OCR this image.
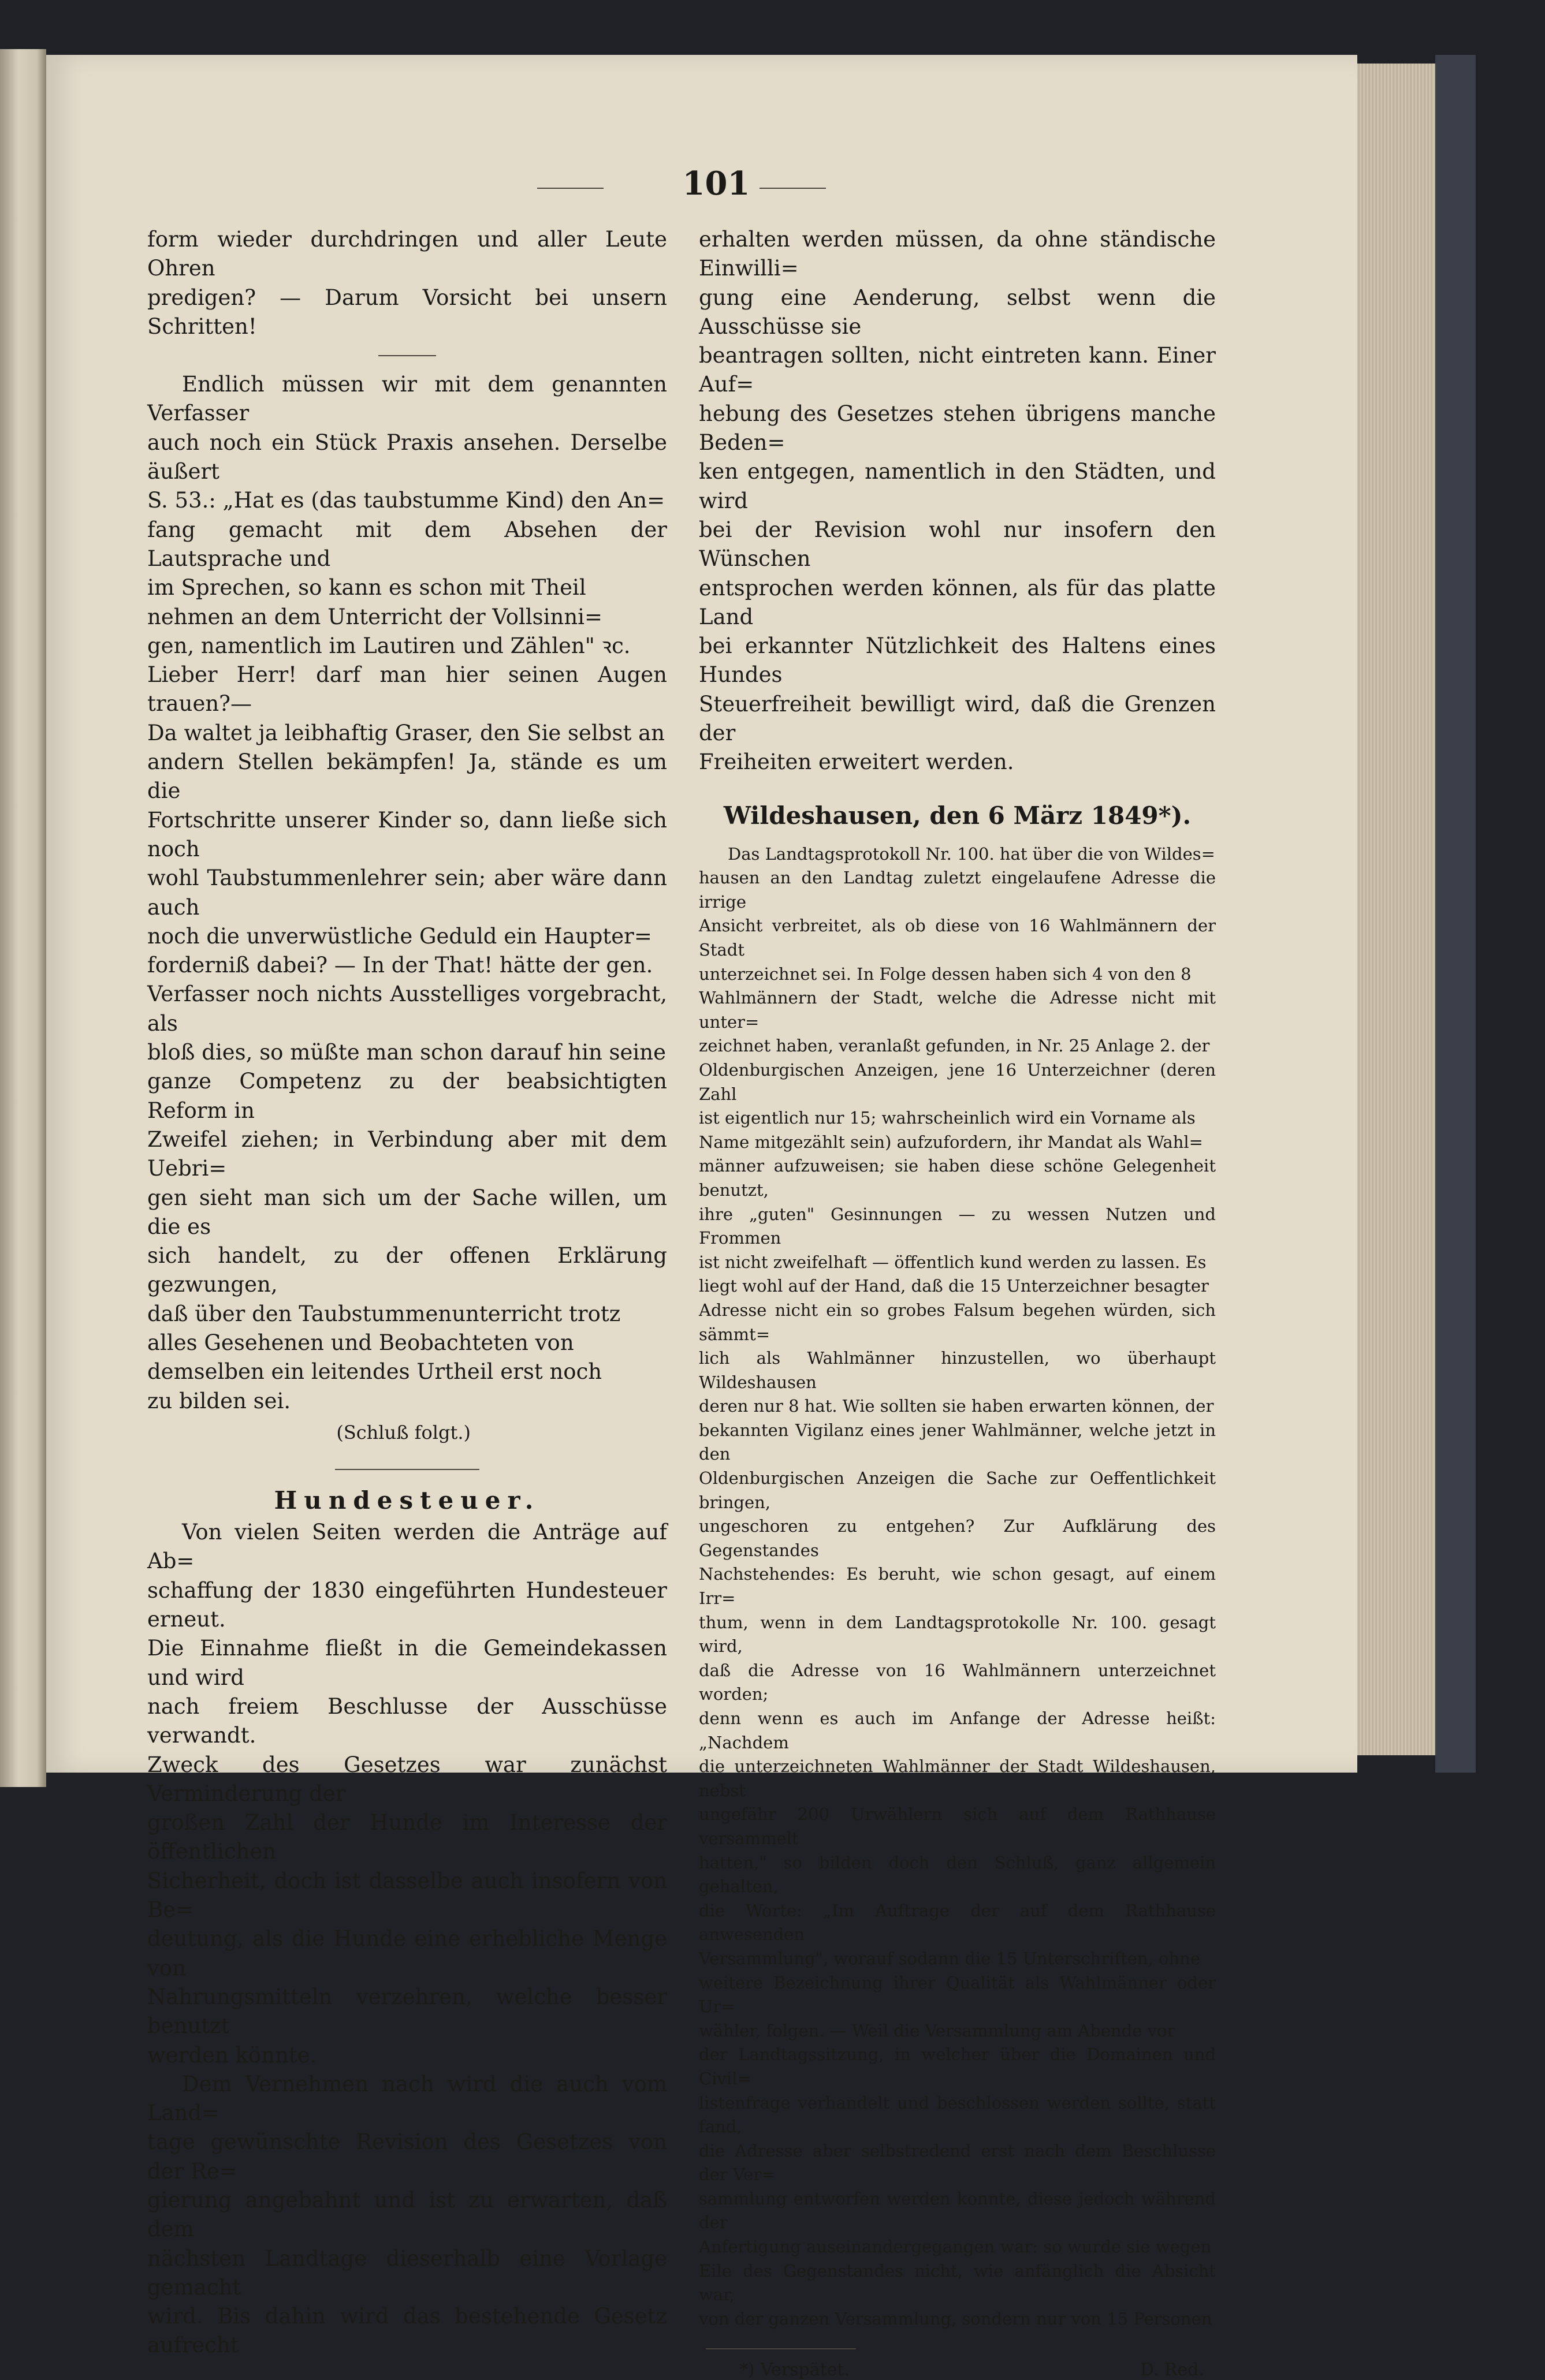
101

form wieder durchdringen und aller Leute Ohren
predigen? — Darum Vorsicht bei unsern Schritten!

Endlich müssen wir mit dem genannten Verfasser
auch noch ein Stück Praxis ansehen. Derselbe äußert
S. 53.: „Hat es (das taubstumme Kind) den An=
fang gemacht mit dem Absehen der Lautsprache und
im Sprechen, so kann es schon mit Theil
nehmen an dem Unterricht der Vollsinni=
gen, namentlich im Lautiren und Zählen" ꝛc.
Lieber Herr! darf man hier seinen Augen trauen?—
Da waltet ja leibhaftig Graser, den Sie selbst an
andern Stellen bekämpfen! Ja, stände es um die
Fortschritte unserer Kinder so, dann ließe sich noch
wohl Taubstummenlehrer sein; aber wäre dann auch
noch die unverwüstliche Geduld ein Haupter=
forderniß dabei? — In der That! hätte der gen.
Verfasser noch nichts Ausstelliges vorgebracht, als
bloß dies, so müßte man schon darauf hin seine
ganze Competenz zu der beabsichtigten Reform in
Zweifel ziehen; in Verbindung aber mit dem Uebri=
gen sieht man sich um der Sache willen, um die es
sich handelt, zu der offenen Erklärung gezwungen,
daß über den Taubstummenunterricht trotz
alles Gesehenen und Beobachteten von
demselben ein leitendes Urtheil erst noch
zu bilden sei.

(Schluß folgt.)

Hundesteuer.

Von vielen Seiten werden die Anträge auf Ab=
schaffung der 1830 eingeführten Hundesteuer erneut.
Die Einnahme fließt in die Gemeindekassen und wird
nach freiem Beschlusse der Ausschüsse verwandt.
Zweck des Gesetzes war zunächst Verminderung der
großen Zahl der Hunde im Interesse der öffentlichen
Sicherheit, doch ist dasselbe auch insofern von Be=
deutung, als die Hunde eine erhebliche Menge von
Nahrungsmitteln verzehren, welche besser benutzt
werden könnte.

Dem Vernehmen nach wird die auch vom Land=
tage gewünschte Revision des Gesetzes von der Re=
gierung angebahnt und ist zu erwarten, daß dem
nächsten Landtage dieserhalb eine Vorlage gemacht
wird. Bis dahin wird das bestehende Gesetz aufrecht

erhalten werden müssen, da ohne ständische Einwilli=
gung eine Aenderung, selbst wenn die Ausschüsse sie
beantragen sollten, nicht eintreten kann. Einer Auf=
hebung des Gesetzes stehen übrigens manche Beden=
ken entgegen, namentlich in den Städten, und wird
bei der Revision wohl nur insofern den Wünschen
entsprochen werden können, als für das platte Land
bei erkannter Nützlichkeit des Haltens eines Hundes
Steuerfreiheit bewilligt wird, daß die Grenzen der
Freiheiten erweitert werden.

Wildeshausen, den 6 März 1849*).

Das Landtagsprotokoll Nr. 100. hat über die von Wildes=
hausen an den Landtag zuletzt eingelaufene Adresse die irrige
Ansicht verbreitet, als ob diese von 16 Wahlmännern der Stadt
unterzeichnet sei. In Folge dessen haben sich 4 von den 8
Wahlmännern der Stadt, welche die Adresse nicht mit unter=
zeichnet haben, veranlaßt gefunden, in Nr. 25 Anlage 2. der
Oldenburgischen Anzeigen, jene 16 Unterzeichner (deren Zahl
ist eigentlich nur 15; wahrscheinlich wird ein Vorname als
Name mitgezählt sein) aufzufordern, ihr Mandat als Wahl=
männer aufzuweisen; sie haben diese schöne Gelegenheit benutzt,
ihre „guten" Gesinnungen — zu wessen Nutzen und Frommen
ist nicht zweifelhaft — öffentlich kund werden zu lassen. Es
liegt wohl auf der Hand, daß die 15 Unterzeichner besagter
Adresse nicht ein so grobes Falsum begehen würden, sich sämmt=
lich als Wahlmänner hinzustellen, wo überhaupt Wildeshausen
deren nur 8 hat. Wie sollten sie haben erwarten können, der
bekannten Vigilanz eines jener Wahlmänner, welche jetzt in den
Oldenburgischen Anzeigen die Sache zur Oeffentlichkeit bringen,
ungeschoren zu entgehen? Zur Aufklärung des Gegenstandes
Nachstehendes: Es beruht, wie schon gesagt, auf einem Irr=
thum, wenn in dem Landtagsprotokolle Nr. 100. gesagt wird,
daß die Adresse von 16 Wahlmännern unterzeichnet worden;
denn wenn es auch im Anfange der Adresse heißt: „Nachdem
die unterzeichneten Wahlmänner der Stadt Wildeshausen, nebst
ungefähr 200 Urwählern sich auf dem Rathhause versammelt
hatten," so bilden doch den Schluß, ganz allgemein gehalten,
die Worte: „Im Auftrage der auf dem Rathhause anwesenden
Versammlung", worauf sodann die 15 Unterschriften, ohne
weitere Bezeichnung ihrer Qualität als Wahlmänner oder Ur=
wähler, folgen. — Weil die Versammlung am Abende vor
der Landtagssitzung, in welcher über die Domainen und Civil=
listenfrage verhandelt und beschlossen werden sollte, statt fand,
die Adresse aber selbstredend erst nach dem Beschlusse der Ver=
sammlung entworfen werden konnte, diese jedoch während der
Anfertigung auseinandergegangen war: so wurde sie wegen
Eile des Gegenstandes nicht, wie anfänglich die Absicht war,
von der ganzen Versammlung, sondern nur von 15 Personen

*) Verspätet.	D. Red.
